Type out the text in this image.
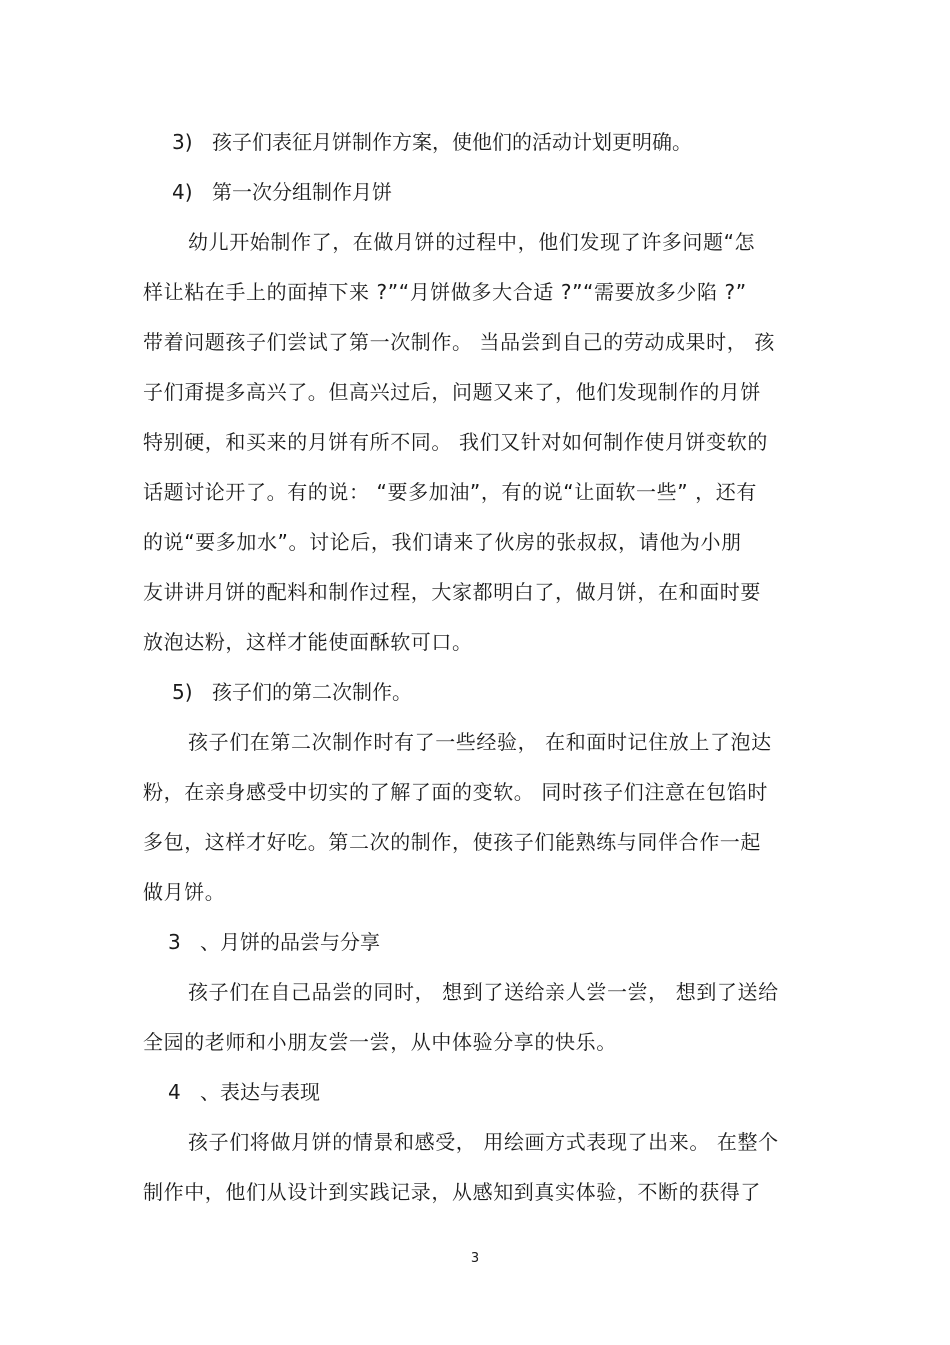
3) 孩子们表征月饼制作方案，使他们的活动计划更明确。
4) 第一次分组制作月饼
幼儿开始制作了，在做月饼的过程中，他们发现了许多问题“怎
样让粘在手上的面掉下来 ?”“月饼做多大合适 ?”“需要放多少陷 ?”
带着问题孩子们尝试了第一次制作。 当品尝到自己的劳动成果时， 孩
子们甭提多高兴了。但高兴过后，问题又来了，他们发现制作的月饼
特别硬，和买来的月饼有所不同。 我们又针对如何制作使月饼变软的
话题讨论开了。有的说： “要多加油”，有的说“让面软一些” ，还有
的说“要多加水”。讨论后，我们请来了伙房的张叔叔，请他为小朋
友讲讲月饼的配料和制作过程，大家都明白了，做月饼，在和面时要
放泡达粉，这样才能使面酥软可口。
5) 孩子们的第二次制作。
孩子们在第二次制作时有了一些经验， 在和面时记住放上了泡达
粉，在亲身感受中切实的了解了面的变软。 同时孩子们注意在包馅时
多包，这样才好吃。第二次的制作，使孩子们能熟练与同伴合作一起
做月饼。
3 、月饼的品尝与分享
孩子们在自己品尝的同时， 想到了送给亲人尝一尝， 想到了送给
全园的老师和小朋友尝一尝，从中体验分享的快乐。
4 、表达与表现
孩子们将做月饼的情景和感受， 用绘画方式表现了出来。 在整个
制作中，他们从设计到实践记录，从感知到真实体验，不断的获得了
3
